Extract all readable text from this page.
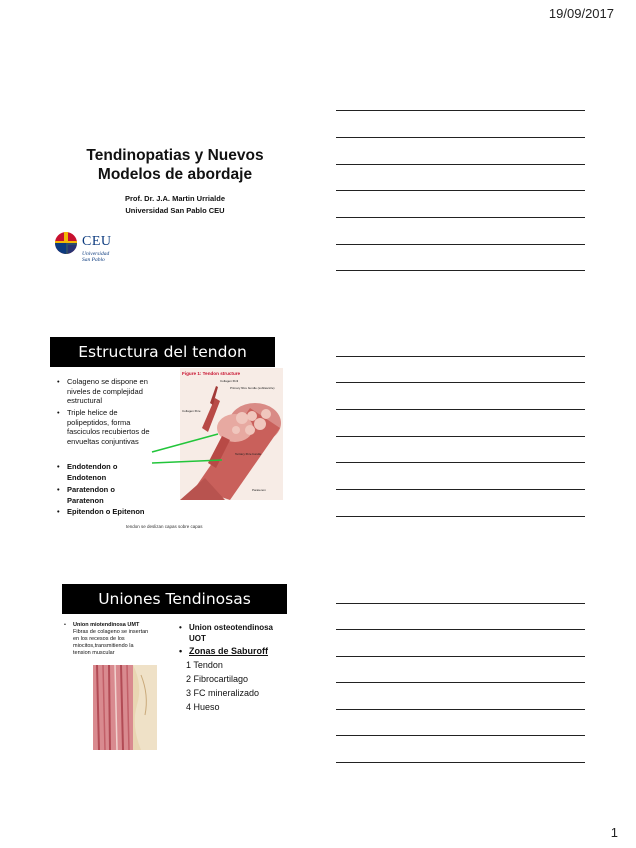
19/09/2017
Tendinopatias y Nuevos
Modelos de abordaje
Prof. Dr. J.A. Martin Urrialde
Universidad San Pablo CEU
CEU
Universidad
San Pablo
Estructura del tendon
• Colageno se dispone en
niveles de complejidad
estructural
• Triple helice de
polipeptidos, forma
fasciculos recubiertos de
envueltas conjuntivas
• Endotendon o
Endotenon
• Paratendon o
Paratenon
• Epitendon o Epitenon
Figure 1: Tendon structure
Collagen fibril
Primary fibre bundle (subfascicle)
Collagen fibre
Tertiary fibre bundle
Paratenon
tendon se deslizan capas sobre capas
Uniones Tendinosas
• Union miotendinosa UMT
Fibras de colageno se insertan
en los recesos de los
miocitos,transmitiendo la
tension muscular
• Union osteotendinosa
UOT
• Zonas de Saburoff
1 Tendon
2 Fibrocartilago
3 FC mineralizado
4 Hueso
1
